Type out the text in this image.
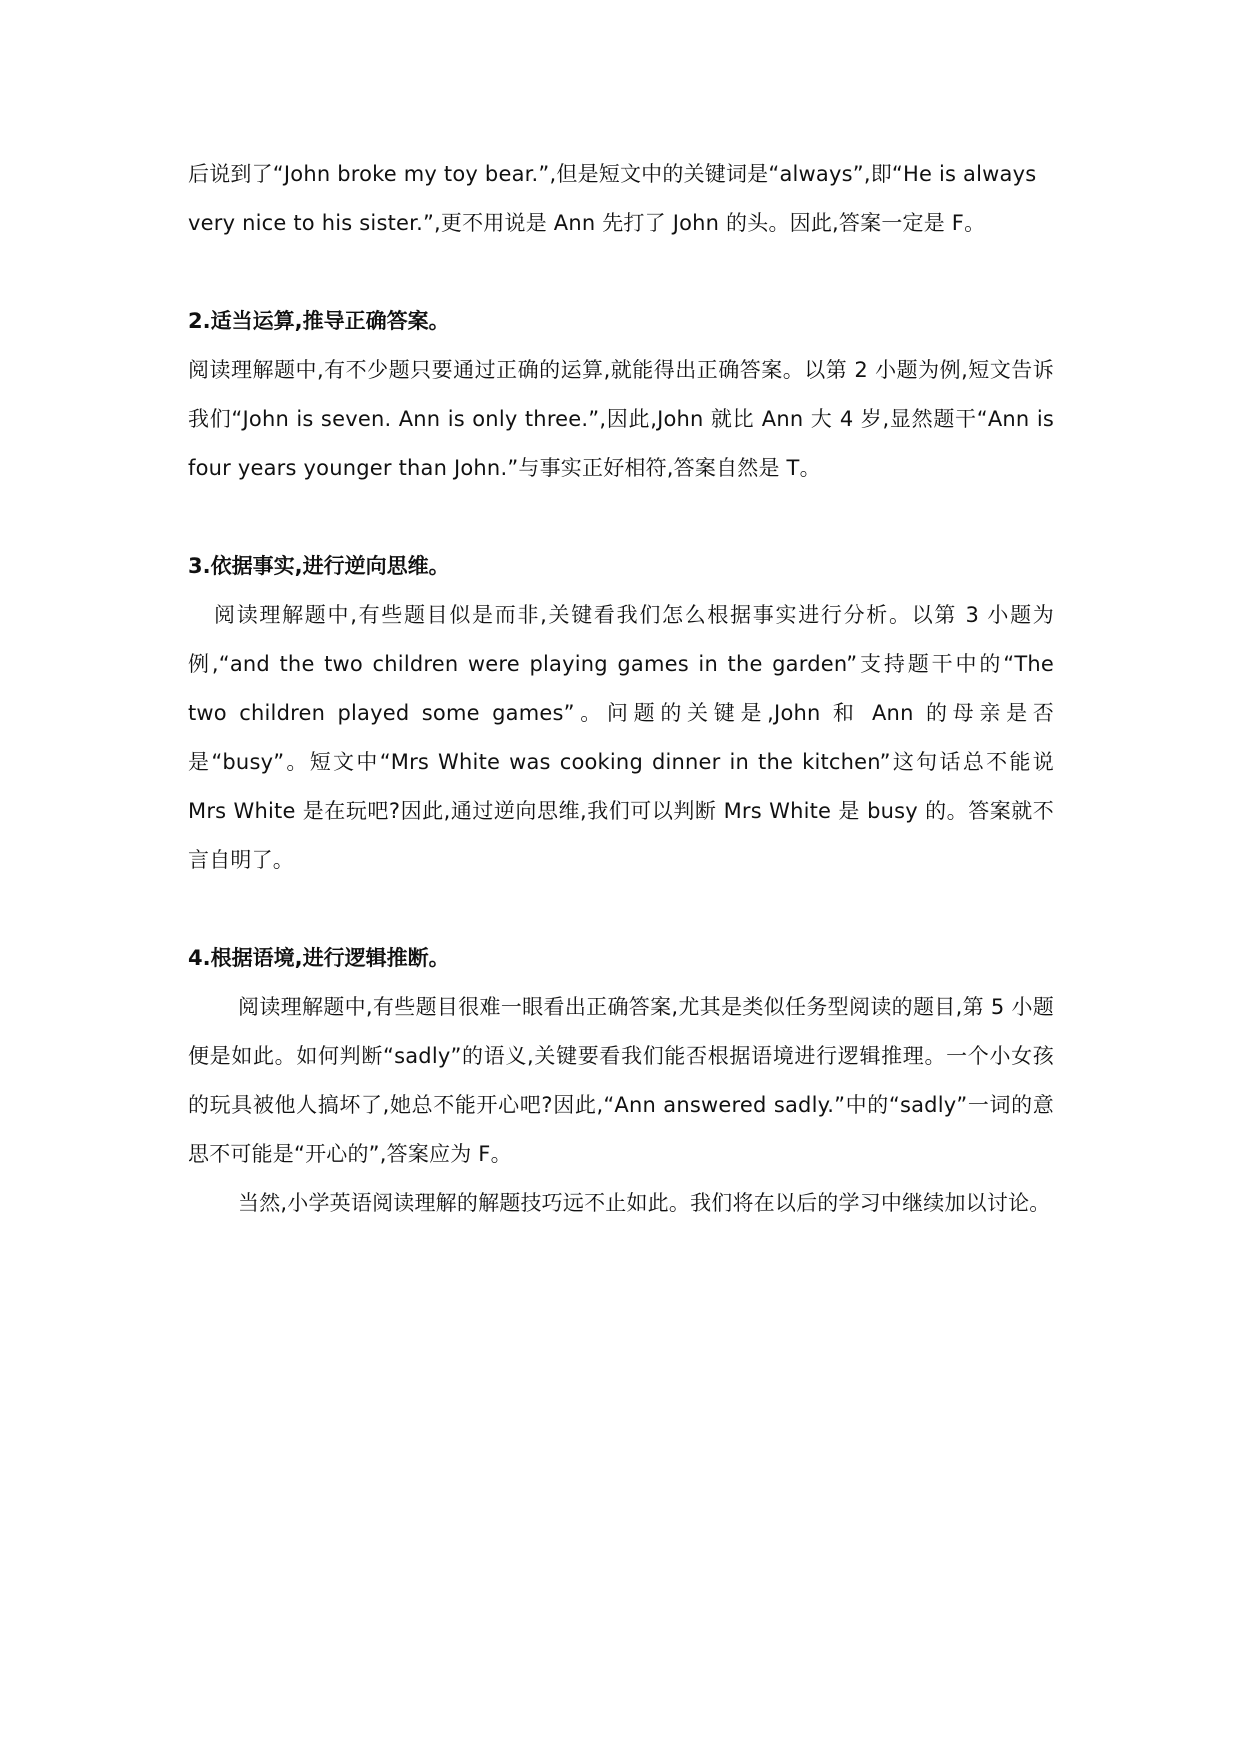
后说到了“John broke my toy bear.”,但是短文中的关键词是“always”,即“He is always

very nice to his sister.”,更不用说是 Ann 先打了 John 的头。因此,答案一定是 F。

2.适当运算,推导正确答案。

阅读理解题中,有不少题只要通过正确的运算,就能得出正确答案。以第 2 小题为例,短文告诉我们“John is seven. Ann is only three.”,因此,John 就比 Ann 大 4 岁,显然题干“Ann is four years younger than John.”与事实正好相符,答案自然是 T。

3.依据事实,进行逆向思维。

阅读理解题中,有些题目似是而非,关键看我们怎么根据事实进行分析。以第 3 小题为例,“and the two children were playing games in the garden”支持题干中的“The two children played some games”。问题的关键是,John 和 Ann 的母亲是否是“busy”。短文中“Mrs White was cooking dinner in the kitchen”这句话总不能说 Mrs White 是在玩吧?因此,通过逆向思维,我们可以判断 Mrs White 是 busy 的。答案就不言自明了。

4.根据语境,进行逻辑推断。

阅读理解题中,有些题目很难一眼看出正确答案,尤其是类似任务型阅读的题目,第 5 小题便是如此。如何判断“sadly”的语义,关键要看我们能否根据语境进行逻辑推理。一个小女孩的玩具被他人搞坏了,她总不能开心吧?因此,“Ann answered sadly.”中的“sadly”一词的意思不可能是“开心的”,答案应为 F。

当然,小学英语阅读理解的解题技巧远不止如此。我们将在以后的学习中继续加以讨论。
